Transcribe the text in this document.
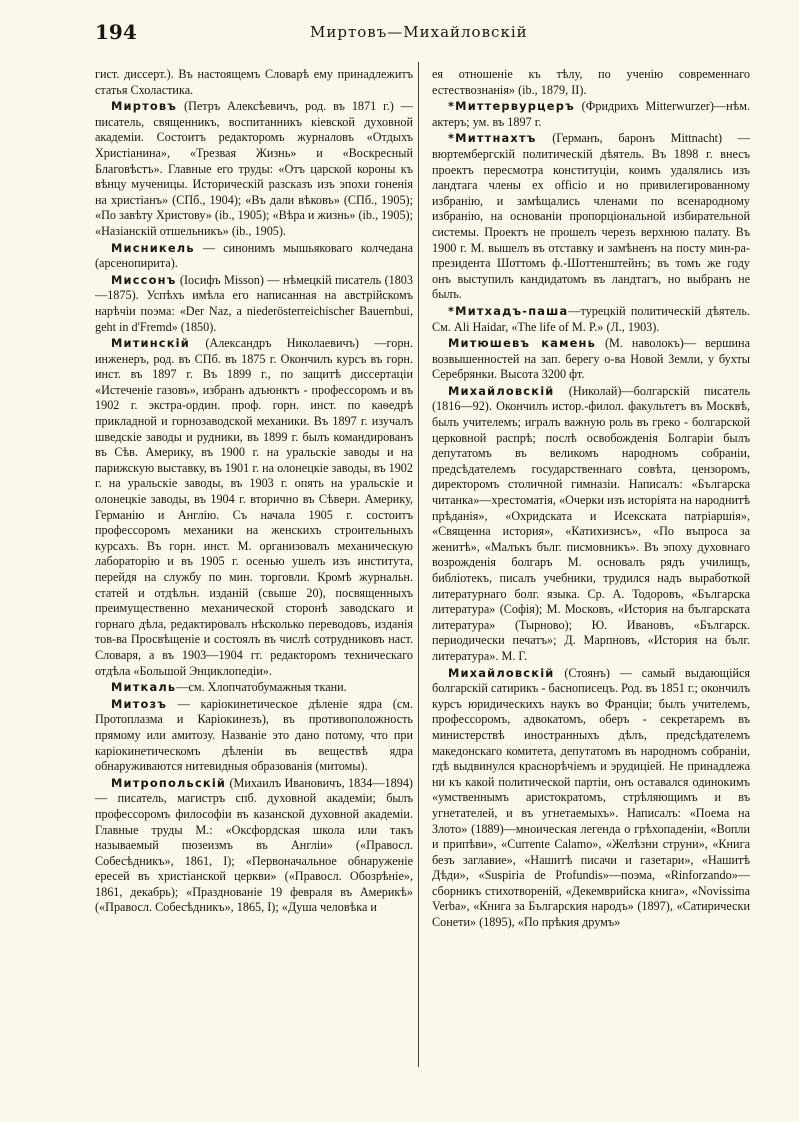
194	Миртовъ—Михайловскій
гист. диссерт.). Въ настоящемъ Словарѣ ему принадлежитъ статья Схоластика.
Миртовъ (Петръ Алексѣевичъ, род. въ 1871 г.) — писатель, священникъ, воспитанникъ кіевской духовной академіи. Состоитъ редакторомъ журналовъ «Отдыхъ Христіанина», «Трезвая Жизнь» и «Воскресный Благовѣстъ». Главные его труды: «Отъ царской короны къ вѣнцу мученицы. Историческій разсказъ изъ эпохи гоненія на христіанъ» (СПб., 1904); «Въ дали вѣковъ» (СПб., 1905); «По завѣту Христову» (ib., 1905); «Вѣра и жизнь» (ib., 1905); «Назіанскій отшельникъ» (ib., 1905).
Мисникель — синонимъ мышьяковаго колчедана (арсенопирита).
Миссонъ (Іосифъ Misson) — нѣмецкій писатель (1803—1875). Успѣхъ имѣла его написанная на австрійскомъ нарѣчіи поэма: «Der Naz, a niederösterreichischer Bauernbui, geht in d'Fremd» (1850).
Митинскій (Александръ Николаевичъ) —горн. инженеръ, род. въ СПб. въ 1875 г. Окончилъ курсъ въ горн. инст. въ 1897 г. Въ 1899 г., по защитѣ диссертаціи «Истеченіе газовъ», избранъ адъюнктъ - профессоромъ и въ 1902 г. экстра-ордин. проф. горн. инст. по каѳедрѣ прикладной и горнозаводской механики. Въ 1897 г. изучалъ шведскіе заводы и рудники, въ 1899 г. былъ командированъ въ Сѣв. Америку, въ 1900 г. на уральскіе заводы и на парижскую выставку, въ 1901 г. на олонецкіе заводы, въ 1902 г. на уральскіе заводы, въ 1903 г. опять на уральскіе и олонецкіе заводы, въ 1904 г. вторично въ Сѣверн. Америку, Германію и Англію. Съ начала 1905 г. состоитъ профессоромъ механики на женскихъ строительныхъ курсахъ. Въ горн. инст. М. организовалъ механическую лабораторію и въ 1905 г. осенью ушелъ изъ института, перейдя на службу по мин. торговли. Кромѣ журнальн. статей и отдѣльн. изданій (свыше 20), посвященныхъ преимущественно механической сторонѣ заводскаго и горнаго дѣла, редактировалъ нѣсколько переводовъ, изданія тов-ва Просвѣщеніе и состоялъ въ числѣ сотрудниковъ наст. Словаря, а въ 1903—1904 гг. редакторомъ техническаго отдѣла «Большой Энциклопедіи».
Миткаль—см. Хлопчатобумажныя ткани.
Митозъ — каріокинетическое дѣленіе ядра (см. Протоплазма и Каріокинезъ), въ противоположность прямому или амитозу. Названіе это дано потому, что при каріокинетическомъ дѣленіи въ веществѣ ядра обнаруживаются нитевидныя образованія (митомы).
Митропольскій (Михаилъ Ивановичъ, 1834—1894) — писатель, магистръ спб. духовной академіи; былъ профессоромъ философіи въ казанской духовной академіи. Главные труды М.: «Оксфордская школа или такъ называемый пюзеизмъ въ Англіи» («Правосл. Собесѣдникъ», 1861, I); «Первоначальное обнаруженіе ересей въ христіанской церкви» («Правосл. Обозрѣніе», 1861, декабрь); «Празднованіе 19 февраля въ Америкѣ» («Правосл. Собесѣдникъ», 1865, I); «Душа человѣка и
ея отношеніе къ тѣлу, по ученію современнаго естествознанія» (ib., 1879, II).
*Миттервурцеръ (Фридрихъ Mitterwurzer)—нѣм. актеръ; ум. въ 1897 г.
*Миттнахтъ (Германъ, баронъ Mittnacht) — вюртембергскій политическій дѣятель. Въ 1898 г. внесъ проектъ пересмотра конституціи, коимъ удалялись изъ ландтага члены ex officio и но привилегированному избранію, и замѣщались членами по всенародному избранію, на основаніи пропорціональной избирательной системы. Проектъ не прошелъ черезъ верхнюю палату. Въ 1900 г. М. вышелъ въ отставку и замѣненъ на посту мин-ра-президента Шоттомъ ф.-Шоттенштейнъ; въ томъ же году онъ выступилъ кандидатомъ въ ландтагъ, но выбранъ не былъ.
*Митхадъ-паша—турецкій политическій дѣятель. См. Ali Haidar, «The life of M. P.» (Л., 1903).
Митюшевъ камень (М. наволокъ)— вершина возвышенностей на зап. берегу о-ва Новой Земли, у бухты Серебрянки. Высота 3200 фт.
Михайловскій (Николай)—болгарскій писатель (1816—92). Окончилъ истор.-филол. факультетъ въ Москвѣ, былъ учителемъ; игралъ важную роль въ греко - болгарской церковной распрѣ; послѣ освобожденія Болгаріи былъ депутатомъ въ великомъ народномъ собраніи, предсѣдателемъ государственнаго совѣта, цензоромъ, директоромъ столичной гимназіи. Написалъ: «Българска читанка»—хрестоматія, «Очерки изъ исторіята на народнитѣ прѣданія», «Охридската и Исекската патріаршія», «Священна история», «Катихизисъ», «По въпроса за женитѣ», «Малъкъ бълг. писмовникъ». Въ эпоху духовнаго возрожденія болгаръ М. основалъ рядъ училищъ, библіотекъ, писалъ учебники, трудился надъ выработкой литературнаго болг. языка. Ср. А. Тодоровъ, «Българска литература» (Софія); М. Московъ, «История на българската литература» (Тырново); Ю. Ивановъ, «Българск. периодически печатъ»; Д. Марпновъ, «История на бълг. литература». М. Г.
Михайловскій (Стоянъ) — самый выдающійся болгарскій сатирикъ - баснописецъ. Род. въ 1851 г.; окончилъ курсъ юридическихъ наукъ во Франціи; былъ учителемъ, профессоромъ, адвокатомъ, оберъ - секретаремъ въ министерствѣ иностранныхъ дѣлъ, предсѣдателемъ македонскаго комитета, депутатомъ въ народномъ собраніи, гдѣ выдвинулся краснорѣчіемъ и эрудиціей. Не принадлежа ни къ какой политической партіи, онъ оставался одинокимъ «умственнымъ аристократомъ, стрѣляющимъ и въ угнетателей, и въ угнетаемыхъ». Написалъ: «Поема на Злото» (1889)—мноическая легенда о грѣхопаденіи, «Вопли и припѣви», «Currente Calamo», «Желѣзни струни», «Книга безъ заглавие», «Нашитѣ писачи и газетари», «Нашитѣ Дѣди», «Suspiria de Profundis»—поэма, «Rinforzando»—сборникъ стихотвореній, «Декемврийска книга», «Novissima Verba», «Книга за Българския народъ» (1897), «Сатирически Сонети» (1895), «По прѣкия друмъ»
